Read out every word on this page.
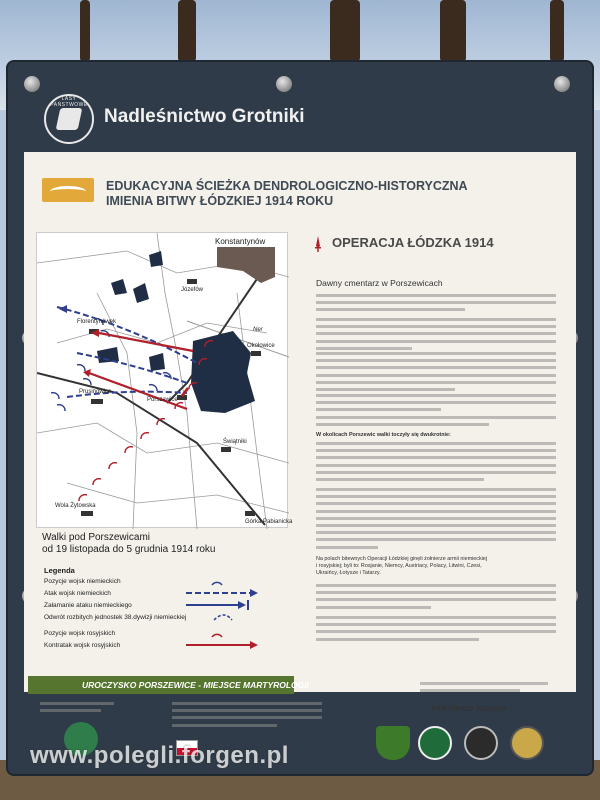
LASY PAŃSTWOWE
Nadleśnictwo Grotniki
EDUKACYJNA ŚCIEŻKA DENDROLOGICZNO-HISTORYCZNA
IMIENIA BITWY ŁÓDZKIEJ 1914 ROKU
Konstantynów
Józefów
Florentynówek
Okołowice
Prusinowice
Porszewice
Świątniki
Wola Żytowska
Górka Pabianicka
Ner
Walki pod Porszewicami
od 19 listopada do 5 grudnia 1914 roku
Legenda
Pozycje wojsk niemieckich
Atak wojsk niemieckich
Załamanie ataku niemieckiego
Odwrót rozbitych jednostek 38.dywizji niemieckiej
Pozycje wojsk rosyjskich
Kontratak wojsk rosyjskich
OPERACJA ŁÓDZKA 1914
Dawny cmentarz w Porszewicach
W okolicach Porszewic walki toczyły się dwukrotnie:
Na polach bitewnych Operacji Łódzkiej ginęli żołnierze armii niemieckiej
i rosyjskiej; byli to: Rosjanie, Niemcy, Austriacy, Polacy, Litwini, Czesi,
Ukraińcy, Łotysze i Tatarzy.
UROCZYSKO PORSZEWICE - MIEJSCE MARTYROLOGII
PARTNERZY ZADANIA
www.polegli.forgen.pl
